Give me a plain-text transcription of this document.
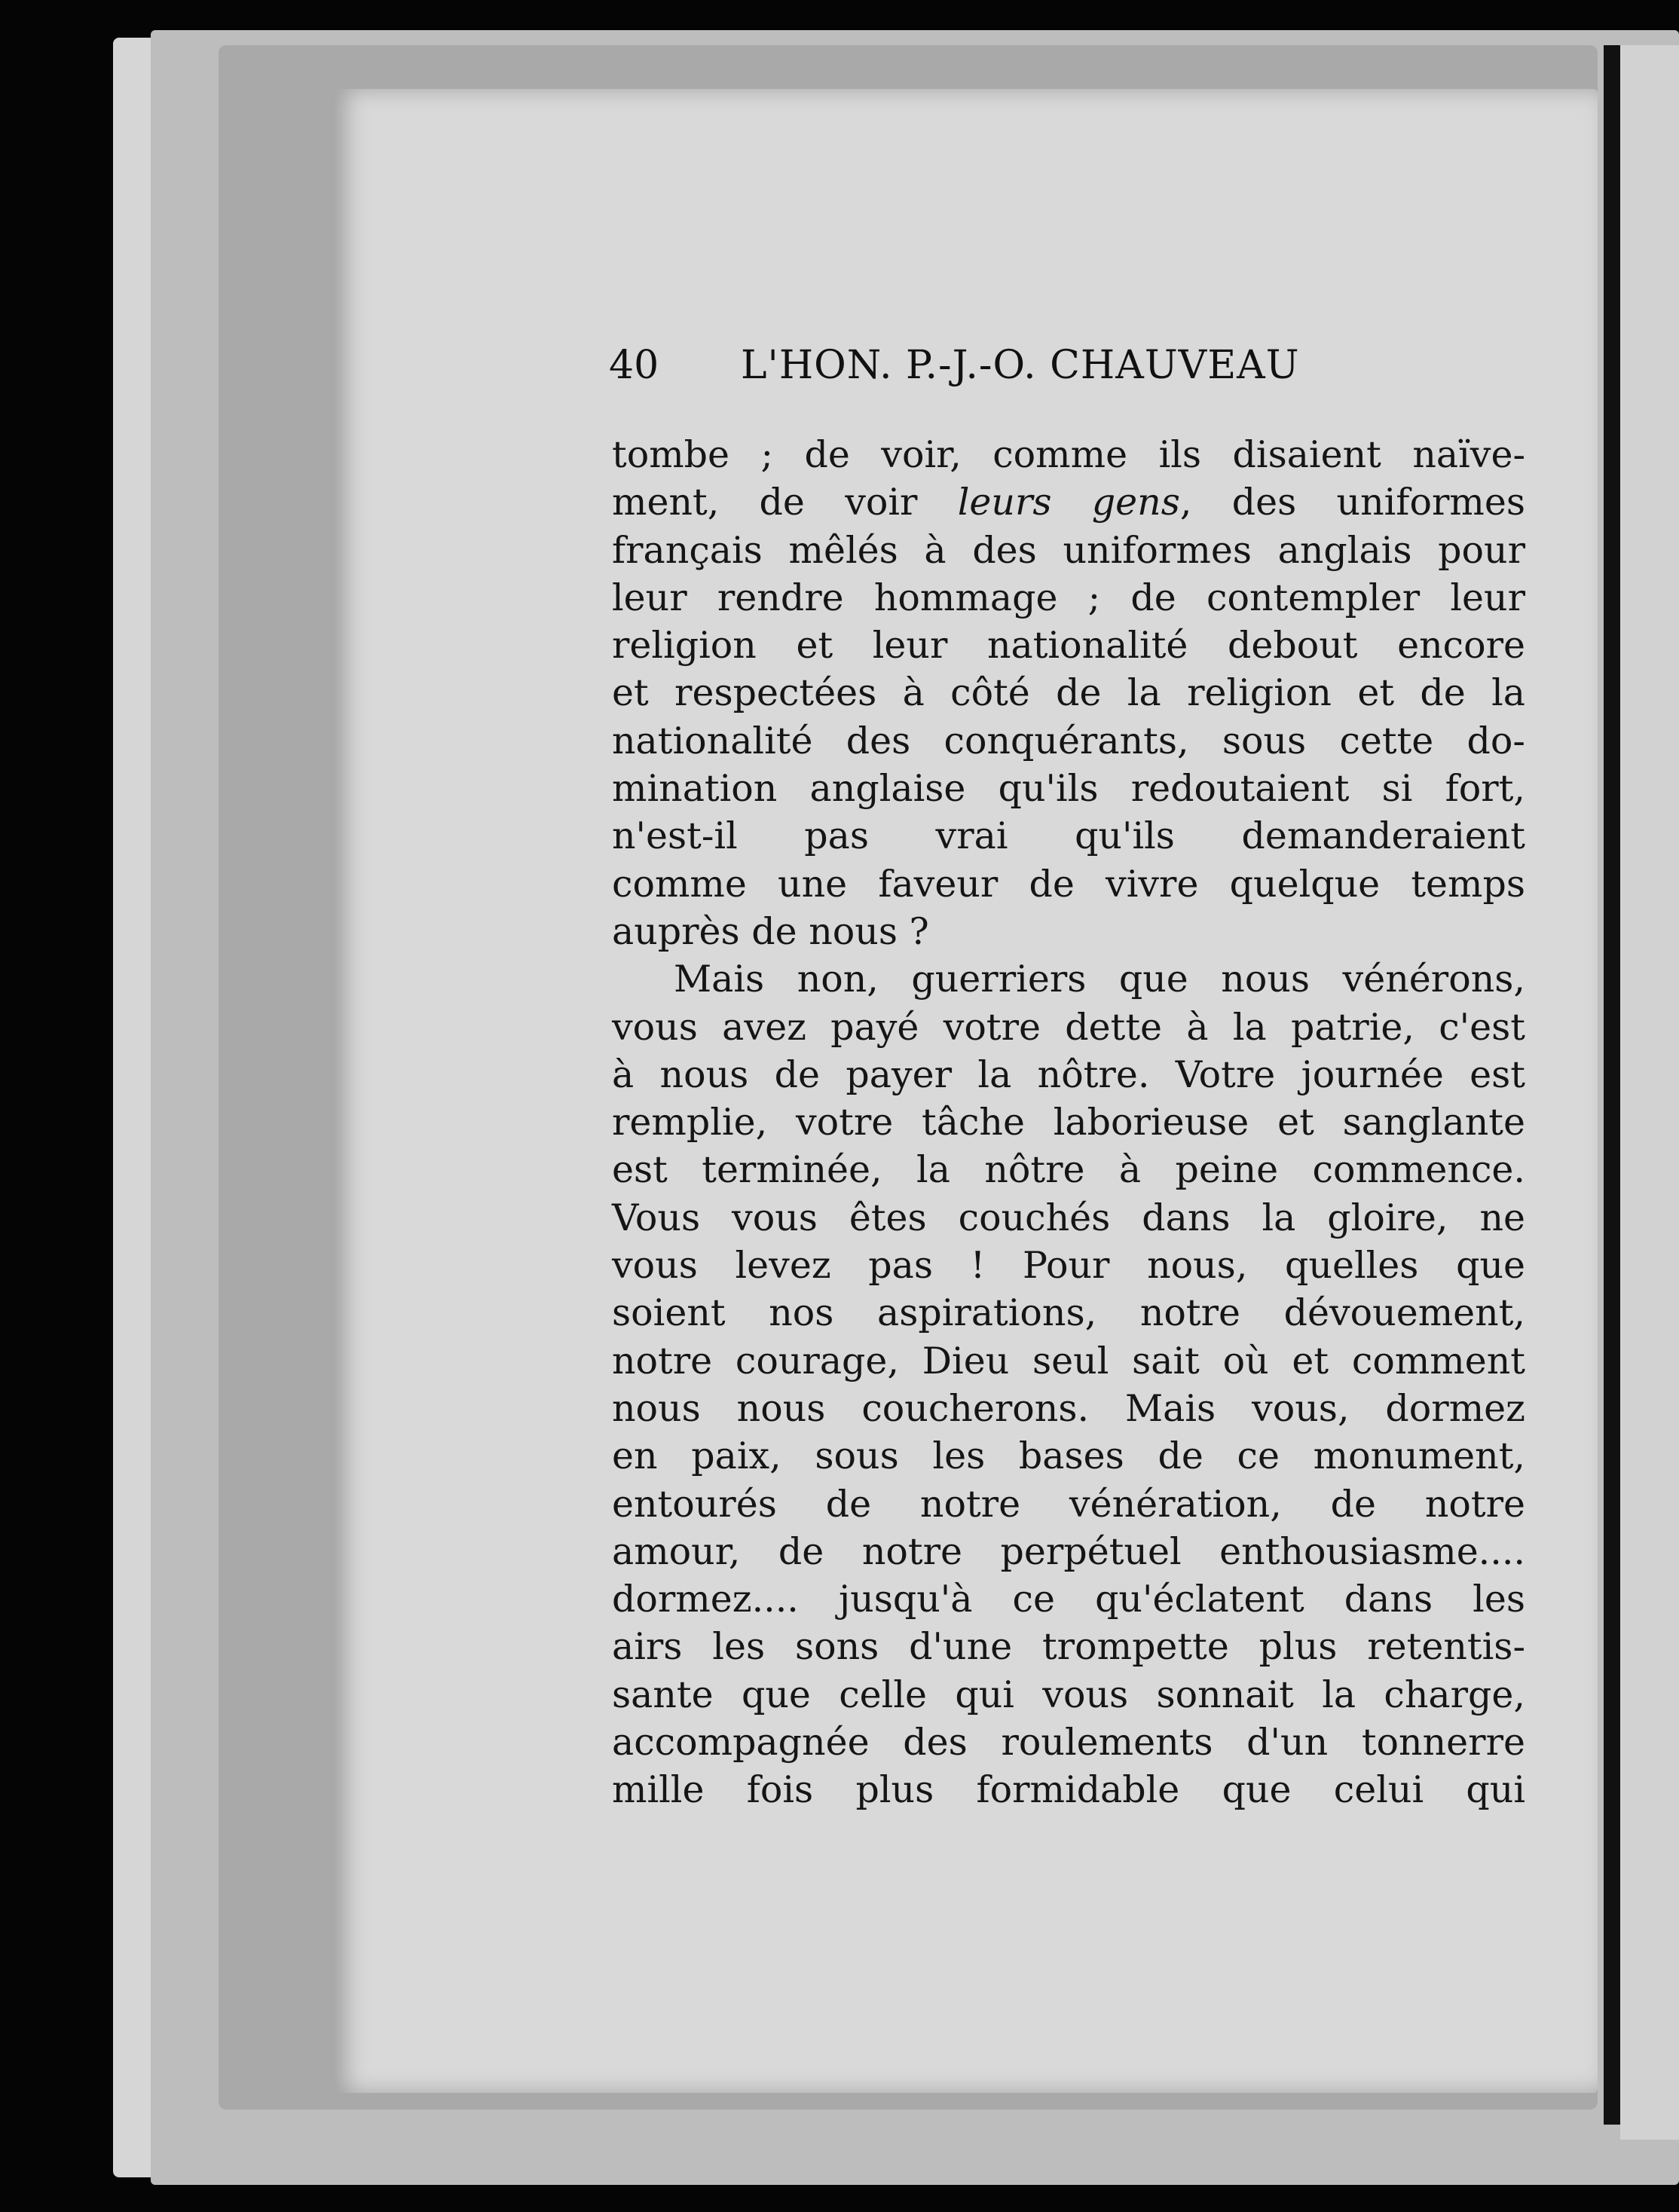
40 L'HON. P.-J.-O. CHAUVEAU
tombe ; de voir, comme ils disaient naïve-
ment, de voir leurs gens, des uniformes
français mêlés à des uniformes anglais pour
leur rendre hommage ; de contempler leur
religion et leur nationalité debout encore
et respectées à côté de la religion et de la
nationalité des conquérants, sous cette do-
mination anglaise qu'ils redoutaient si fort,
n'est-il pas vrai qu'ils demanderaient
comme une faveur de vivre quelque temps
auprès de nous ?
Mais non, guerriers que nous vénérons,
vous avez payé votre dette à la patrie, c'est
à nous de payer la nôtre. Votre journée est
remplie, votre tâche laborieuse et sanglante
est terminée, la nôtre à peine commence.
Vous vous êtes couchés dans la gloire, ne
vous levez pas ! Pour nous, quelles que
soient nos aspirations, notre dévouement,
notre courage, Dieu seul sait où et comment
nous nous coucherons. Mais vous, dormez
en paix, sous les bases de ce monument,
entourés de notre vénération, de notre
amour, de notre perpétuel enthousiasme....
dormez.... jusqu'à ce qu'éclatent dans les
airs les sons d'une trompette plus retentis-
sante que celle qui vous sonnait la charge,
accompagnée des roulements d'un tonnerre
mille fois plus formidable que celui qui
